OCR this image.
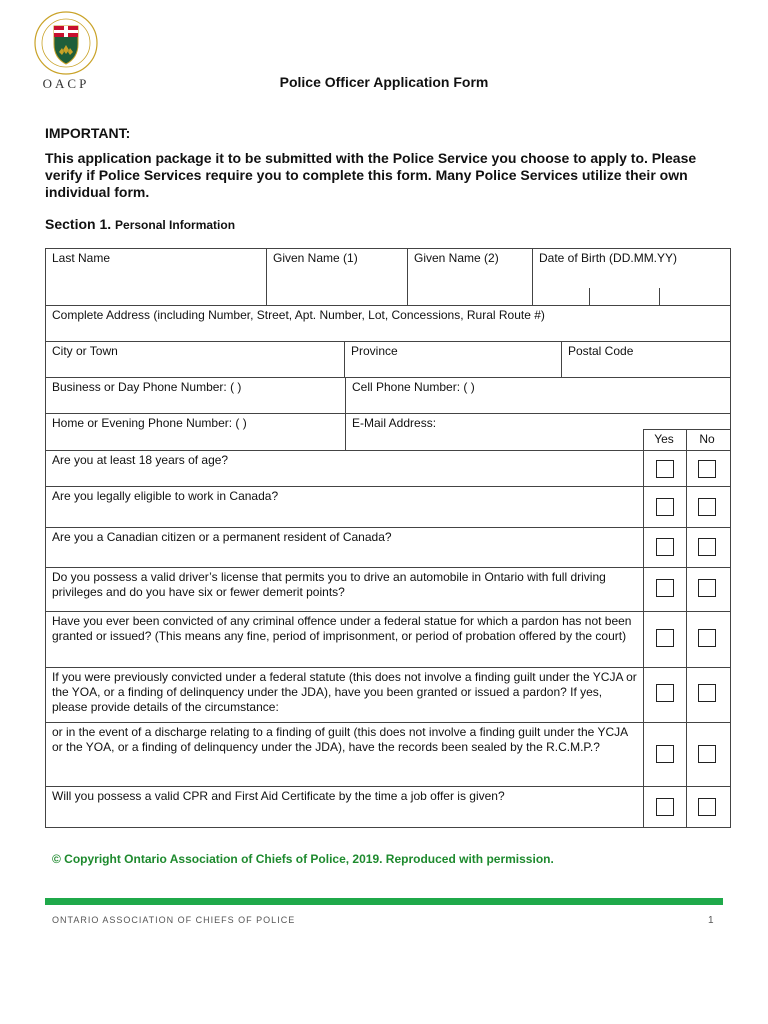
OACP	Police Officer Application Form
IMPORTANT:
This application package it to be submitted with the Police Service you choose to apply to. Please verify if Police Services require you to complete this form. Many Police Services utilize their own individual form.
Section 1. Personal Information
Last Name	Given Name (1)	Given Name (2)	Date of Birth (DD.MM.YY)
Complete Address (including Number, Street, Apt. Number, Lot, Concessions, Rural Route #)
City or Town	Province	Postal Code
Business or Day Phone Number: ( )	Cell Phone Number: ( )
Home or Evening Phone Number: ( )	E-Mail Address:
Yes	No
Are you at least 18 years of age?
Are you legally eligible to work in Canada?
Are you a Canadian citizen or a permanent resident of Canada?
Do you possess a valid driver’s license that permits you to drive an automobile in Ontario with full driving privileges and do you have six or fewer demerit points?
Have you ever been convicted of any criminal offence under a federal statue for which a pardon has not been granted or issued? (This means any fine, period of imprisonment, or period of probation offered by the court)
If you were previously convicted under a federal statute (this does not involve a finding guilt under the YCJA or the YOA, or a finding of delinquency under the JDA), have you been granted or issued a pardon? If yes, please provide details of the circumstance:
or in the event of a discharge relating to a finding of guilt (this does not involve a finding guilt under the YCJA or the YOA, or a finding of delinquency under the JDA), have the records been sealed by the R.C.M.P.?
Will you possess a valid CPR and First Aid Certificate by the time a job offer is given?
© Copyright Ontario Association of Chiefs of Police, 2019. Reproduced with permission.
ONTARIO ASSOCIATION OF CHIEFS OF POLICE	1
